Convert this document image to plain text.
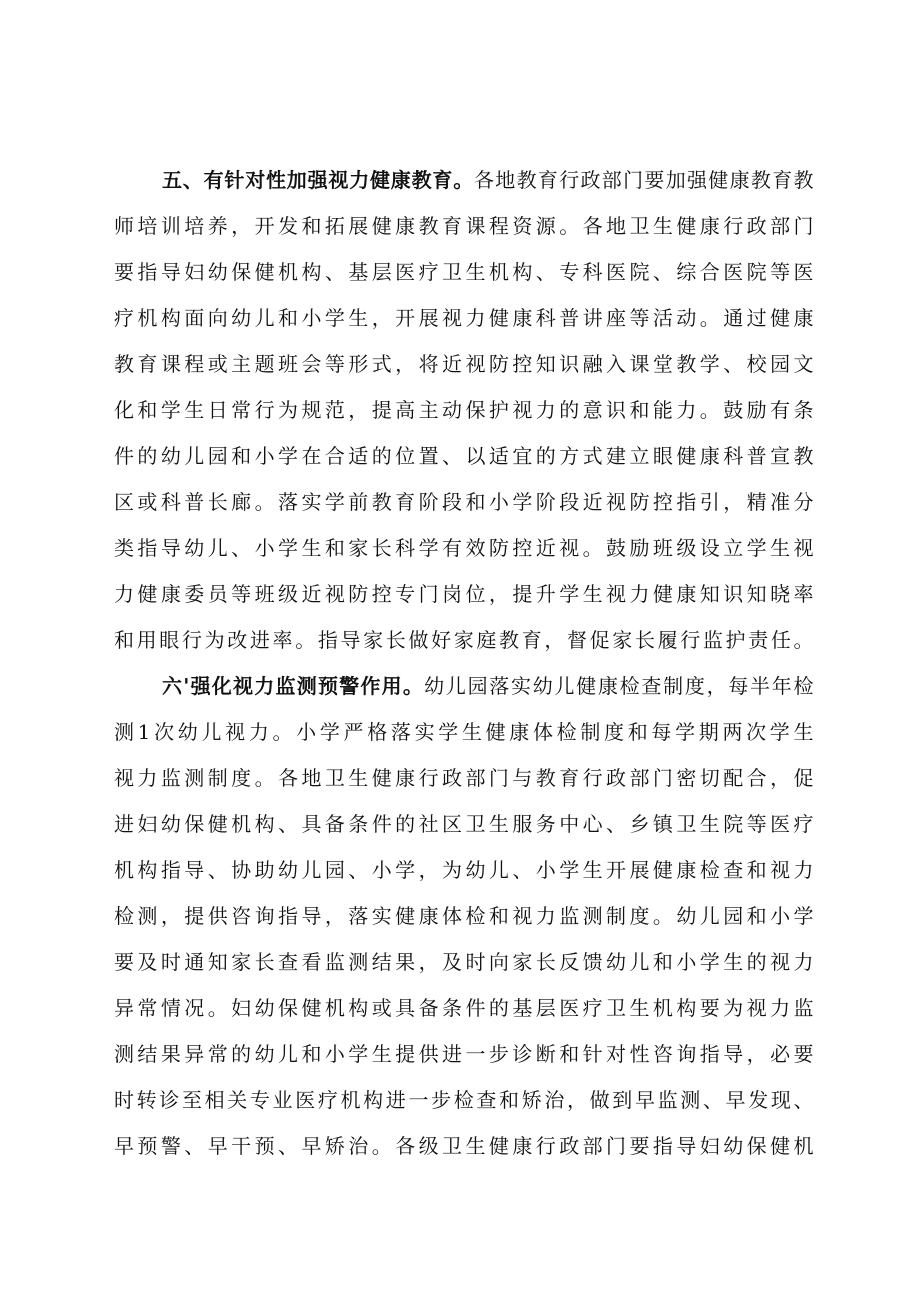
五、有针对性加强视力健康教育。各地教育行政部门要加强健康教育教
师培训培养，开发和拓展健康教育课程资源。各地卫生健康行政部门
要指导妇幼保健机构、基层医疗卫生机构、专科医院、综合医院等医
疗机构面向幼儿和小学生，开展视力健康科普讲座等活动。通过健康
教育课程或主题班会等形式，将近视防控知识融入课堂教学、校园文
化和学生日常行为规范，提高主动保护视力的意识和能力。鼓励有条
件的幼儿园和小学在合适的位置、以适宜的方式建立眼健康科普宣教
区或科普长廊。落实学前教育阶段和小学阶段近视防控指引，精准分
类指导幼儿、小学生和家长科学有效防控近视。鼓励班级设立学生视
力健康委员等班级近视防控专门岗位，提升学生视力健康知识知晓率
和用眼行为改进率。指导家长做好家庭教育，督促家长履行监护责任。
六'强化视力监测预警作用。幼儿园落实幼儿健康检查制度，每半年检
测1次幼儿视力。小学严格落实学生健康体检制度和每学期两次学生
视力监测制度。各地卫生健康行政部门与教育行政部门密切配合，促
进妇幼保健机构、具备条件的社区卫生服务中心、乡镇卫生院等医疗
机构指导、协助幼儿园、小学，为幼儿、小学生开展健康检查和视力
检测，提供咨询指导，落实健康体检和视力监测制度。幼儿园和小学
要及时通知家长查看监测结果，及时向家长反馈幼儿和小学生的视力
异常情况。妇幼保健机构或具备条件的基层医疗卫生机构要为视力监
测结果异常的幼儿和小学生提供进一步诊断和针对性咨询指导，必要
时转诊至相关专业医疗机构进一步检查和矫治，做到早监测、早发现、
早预警、早干预、早矫治。各级卫生健康行政部门要指导妇幼保健机
